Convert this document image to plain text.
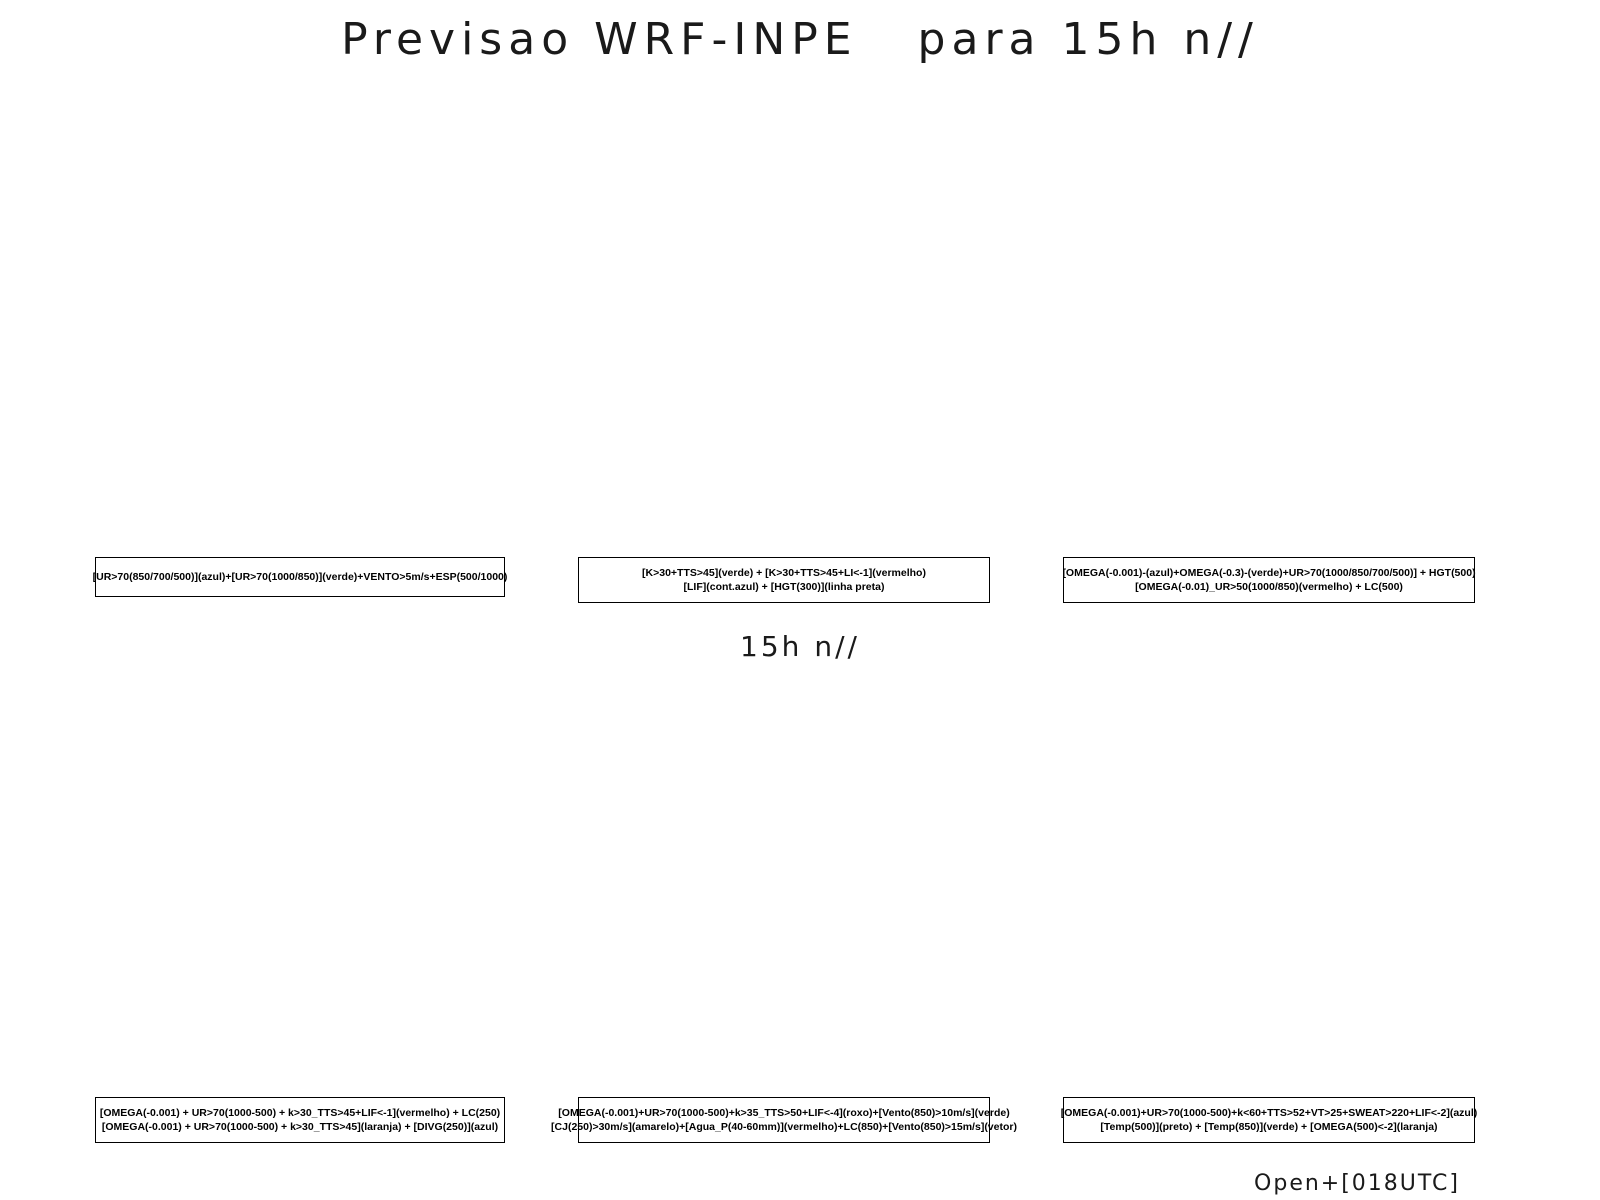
Previsao WRF-INPE   para 15h n//
[UR>70(850/700/500)](azul)+[UR>70(1000/850)](verde)+VENTO>5m/s+ESP(500/1000)	[K>30+TTS>45](verde) + [K>30+TTS>45+LI<-1](vermelho)
[LIF](cont.azul) + [HGT(300)](linha preta)
[OMEGA(-0.001)-(azul)+OMEGA(-0.3)-(verde)+UR>70(1000/850/700/500)] + HGT(500)
[OMEGA(-0.01)_UR>50(1000/850)(vermelho) + LC(500)
15h n//
[OMEGA(-0.001) + UR>70(1000-500) + k>30_TTS>45+LIF<-1](vermelho) + LC(250)
[OMEGA(-0.001) + UR>70(1000-500) + k>30_TTS>45](laranja) + [DIVG(250)](azul)
[OMEGA(-0.001)+UR>70(1000-500)+k>35_TTS>50+LIF<-4](roxo)+[Vento(850)>10m/s](verde)
[CJ(250)>30m/s](amarelo)+[Agua_P(40-60mm)](vermelho)+LC(850)+[Vento(850)>15m/s](vetor)
[OMEGA(-0.001)+UR>70(1000-500)+k<60+TTS>52+VT>25+SWEAT>220+LIF<-2](azul)
[Temp(500)](preto) + [Temp(850)](verde) + [OMEGA(500)<-2](laranja)
Open+[018UTC]
